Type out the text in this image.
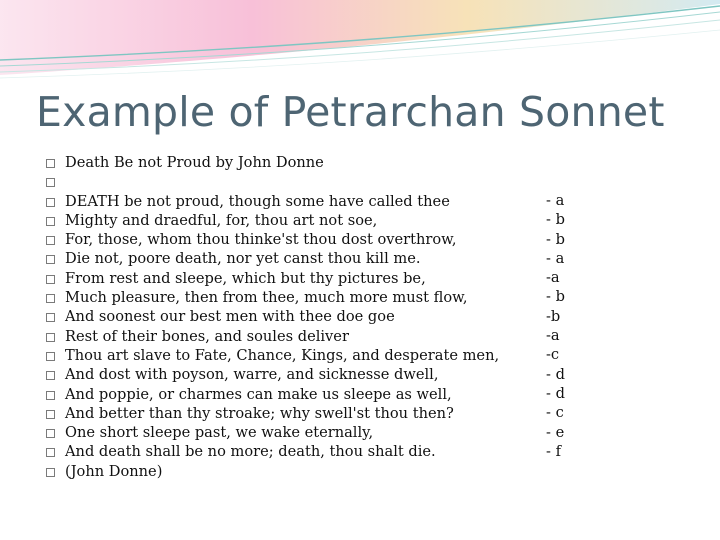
Example of Petrarchan Sonnet
Death Be not Proud by John Donne
DEATH be not proud, though some have called thee
Mighty and draedful, for, thou art not soe,
For, those, whom thou thinke'st thou dost overthrow,
Die not, poore death, nor yet canst thou kill me.
From rest and sleepe, which but thy pictures be,
Much pleasure, then from thee, much more must flow,
And soonest our best men with thee doe goe
Rest of their bones, and soules deliver
Thou art slave to Fate, Chance, Kings, and desperate men,
And dost with poyson, warre, and sicknesse dwell,
And poppie, or charmes can make us sleepe as well,
And better than thy stroake; why swell'st thou then?
One short sleepe past, we wake eternally,
And death shall be no more; death, thou shalt die.
(John Donne)
- a
- b
- b
- a
-a
- b
-b
-a
-c
- d
- d
- c
- e
- f
